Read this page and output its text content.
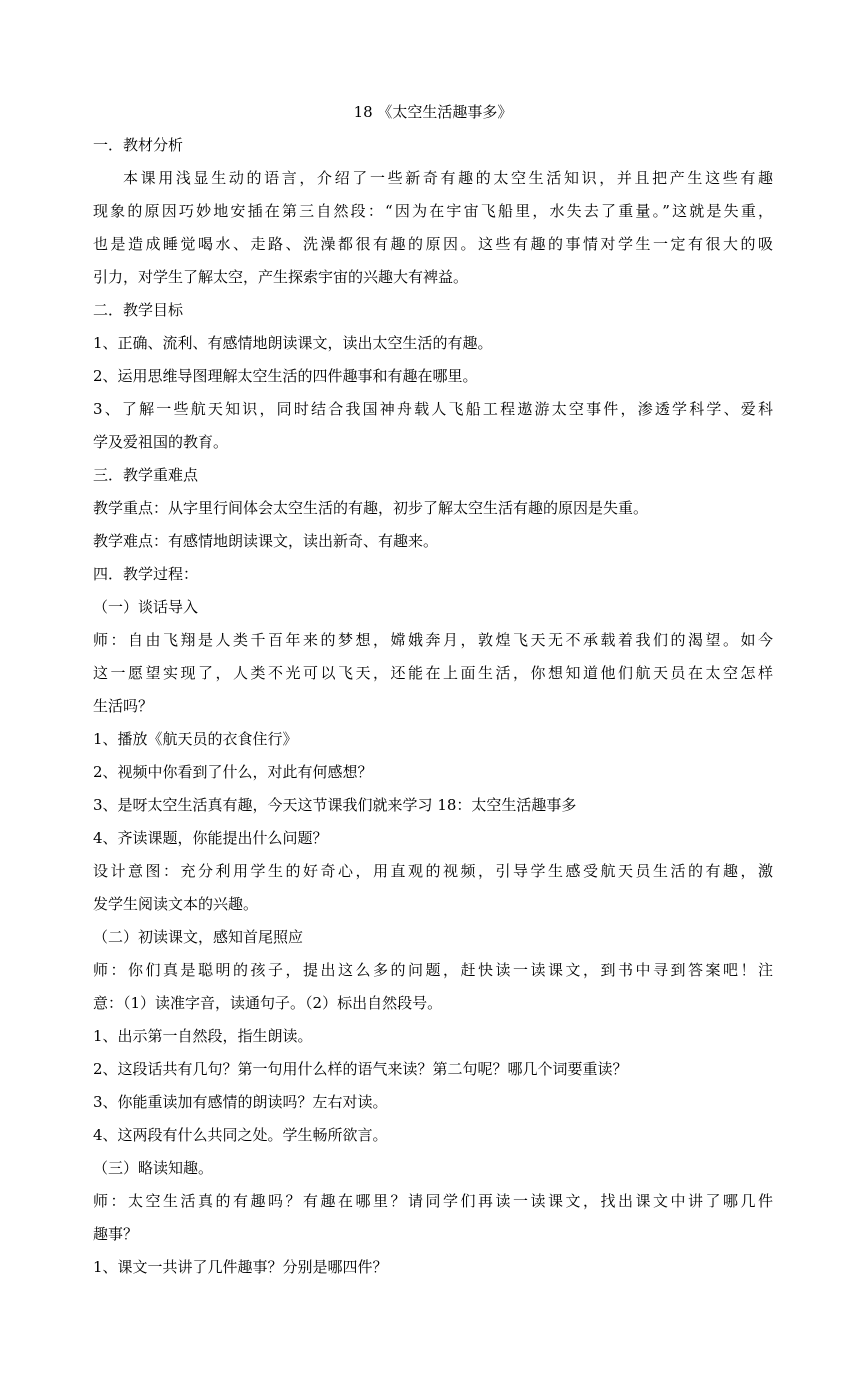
18 《太空生活趣事多》
一．教材分析
本课用浅显生动的语言，介绍了一些新奇有趣的太空生活知识，并且把产生这些有趣
现象的原因巧妙地安插在第三自然段：“因为在宇宙飞船里，水失去了重量。”这就是失重，
也是造成睡觉喝水、走路、洗澡都很有趣的原因。这些有趣的事情对学生一定有很大的吸
引力，对学生了解太空，产生探索宇宙的兴趣大有裨益。
二．教学目标
1、正确、流利、有感情地朗读课文，读出太空生活的有趣。
2、运用思维导图理解太空生活的四件趣事和有趣在哪里。
3、了解一些航天知识，同时结合我国神舟载人飞船工程遨游太空事件，渗透学科学、爱科
学及爱祖国的教育。
三．教学重难点
教学重点：从字里行间体会太空生活的有趣，初步了解太空生活有趣的原因是失重。
教学难点：有感情地朗读课文，读出新奇、有趣来。
四．教学过程：
（一）谈话导入
师：自由飞翔是人类千百年来的梦想，嫦娥奔月，敦煌飞天无不承载着我们的渴望。如今
这一愿望实现了，人类不光可以飞天，还能在上面生活，你想知道他们航天员在太空怎样
生活吗？
1、播放《航天员的衣食住行》
2、视频中你看到了什么，对此有何感想？
3、是呀太空生活真有趣，今天这节课我们就来学习 18：太空生活趣事多
4、齐读课题，你能提出什么问题？
设计意图：充分利用学生的好奇心，用直观的视频，引导学生感受航天员生活的有趣，激
发学生阅读文本的兴趣。
（二）初读课文，感知首尾照应
师：你们真是聪明的孩子，提出这么多的问题，赶快读一读课文，到书中寻到答案吧！注
意：（1）读准字音，读通句子。（2）标出自然段号。
1、出示第一自然段，指生朗读。
2、这段话共有几句？第一句用什么样的语气来读？第二句呢？哪几个词要重读？
3、你能重读加有感情的朗读吗？左右对读。
4、这两段有什么共同之处。学生畅所欲言。
（三）略读知趣。
师：太空生活真的有趣吗？有趣在哪里？请同学们再读一读课文，找出课文中讲了哪几件
趣事？
1、课文一共讲了几件趣事？分别是哪四件？
